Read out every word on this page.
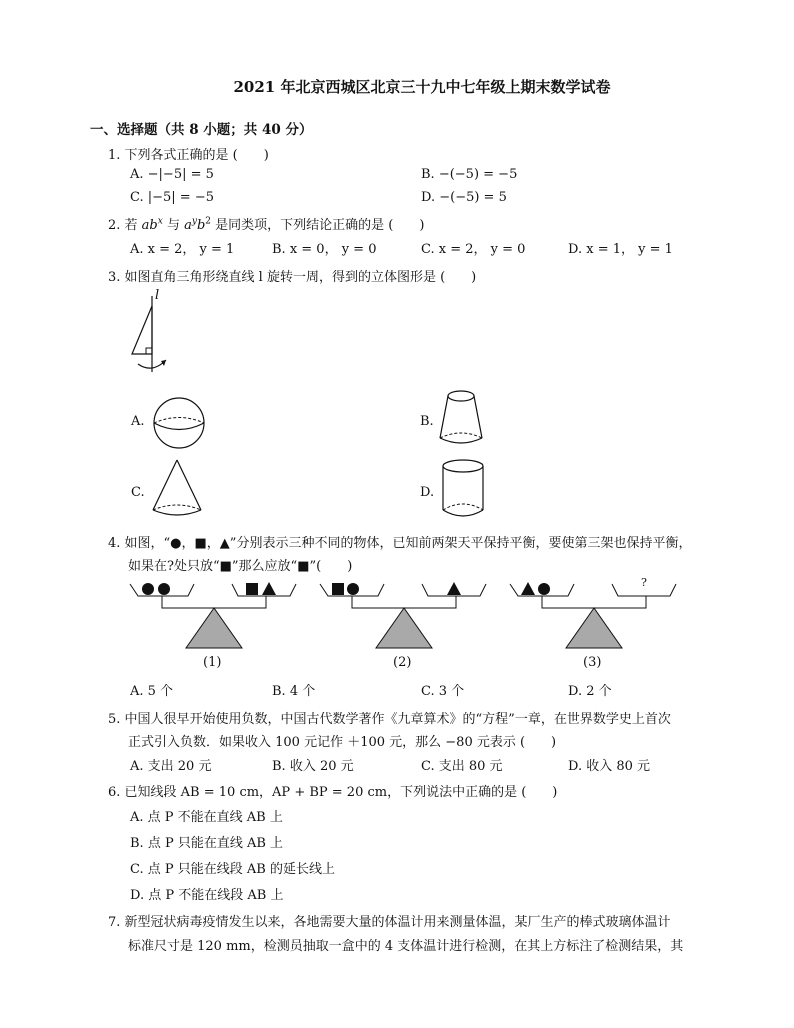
2021 年北京西城区北京三十九中七年级上期末数学试卷
一、选择题（共 8 小题；共 40 分）
1. 下列各式正确的是 (　　)
A. −|−5| = 5	B. −(−5) = −5
C. |−5| = −5	D. −(−5) = 5
2. 若 $ab^x$ 与 $a^yb^2$ 是同类项，下列结论正确的是 (　　)
A. x = 2， y = 1	B. x = 0， y = 0	C. x = 2， y = 0	D. x = 1， y = 1
3. 如图直角三角形绕直线 l 旋转一周，得到的立体图形是 (　　)
l
A.	B.
C.	D.
4. 如图，“●，■，▲”分别表示三种不同的物体，已知前两架天平保持平衡，要使第三架也保持平衡，
如果在?处只放“■”那么应放“■”(　　)
(1)	(2)
?
(3)
A. 5 个	B. 4 个	C. 3 个	D. 2 个
5. 中国人很早开始使用负数，中国古代数学著作《九章算术》的“方程”一章，在世界数学史上首次
正式引入负数．如果收入 100 元记作 ＋100 元，那么 −80 元表示 (　　)
A. 支出 20 元	B. 收入 20 元	C. 支出 80 元	D. 收入 80 元
6. 已知线段 AB = 10 cm，AP + BP = 20 cm，下列说法中正确的是 (　　)
A. 点 P 不能在直线 AB 上
B. 点 P 只能在直线 AB 上
C. 点 P 只能在线段 AB 的延长线上
D. 点 P 不能在线段 AB 上
7. 新型冠状病毒疫情发生以来，各地需要大量的体温计用来测量体温，某厂生产的棒式玻璃体温计
标准尺寸是 120 mm，检测员抽取一盒中的 4 支体温计进行检测，在其上方标注了检测结果，其
